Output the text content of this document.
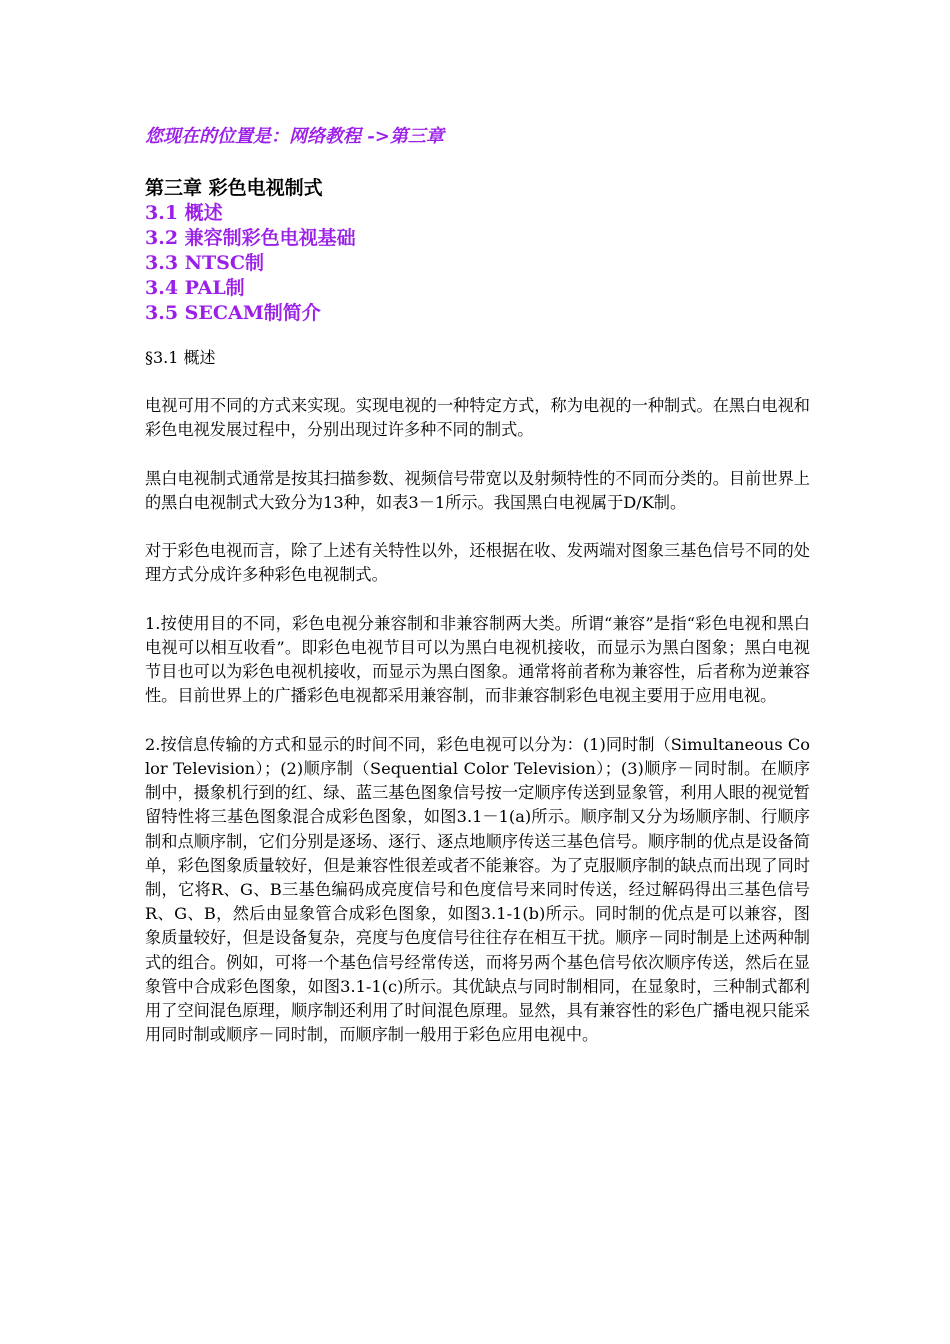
您现在的位置是：网络教程 ->第三章
第三章 彩色电视制式
3.1 概述
3.2 兼容制彩色电视基础
3.3 NTSC制
3.4 PAL制
3.5 SECAM制简介
§3.1 概述

电视可用不同的方式来实现。实现电视的一种特定方式，称为电视的一种制式。在黑白电视和彩色电视发展过程中，分别出现过许多种不同的制式。

黑白电视制式通常是按其扫描参数、视频信号带宽以及射频特性的不同而分类的。目前世界上的黑白电视制式大致分为13种，如表3－1所示。我国黑白电视属于D/K制。

对于彩色电视而言，除了上述有关特性以外，还根据在收、发两端对图象三基色信号不同的处理方式分成许多种彩色电视制式。

1.按使用目的不同，彩色电视分兼容制和非兼容制两大类。所谓“兼容”是指“彩色电视和黑白电视可以相互收看”。即彩色电视节目可以为黑白电视机接收，而显示为黑白图象；黑白电视节目也可以为彩色电视机接收，而显示为黑白图象。通常将前者称为兼容性，后者称为逆兼容性。目前世界上的广播彩色电视都采用兼容制，而非兼容制彩色电视主要用于应用电视。

2.按信息传输的方式和显示的时间不同，彩色电视可以分为：(1)同时制（Simultaneous Color Television）；(2)顺序制（Sequential Color Television）；(3)顺序－同时制。在顺序制中，摄象机行到的红、绿、蓝三基色图象信号按一定顺序传送到显象管，利用人眼的视觉暂留特性将三基色图象混合成彩色图象，如图3.1－1(a)所示。顺序制又分为场顺序制、行顺序制和点顺序制，它们分别是逐场、逐行、逐点地顺序传送三基色信号。顺序制的优点是设备简单，彩色图象质量较好，但是兼容性很差或者不能兼容。为了克服顺序制的缺点而出现了同时制，它将R、G、B三基色编码成亮度信号和色度信号来同时传送，经过解码得出三基色信号R、G、B，然后由显象管合成彩色图象，如图3.1-1(b)所示。同时制的优点是可以兼容，图象质量较好，但是设备复杂，亮度与色度信号往往存在相互干扰。顺序－同时制是上述两种制式的组合。例如，可将一个基色信号经常传送，而将另两个基色信号依次顺序传送，然后在显象管中合成彩色图象，如图3.1-1(c)所示。其优缺点与同时制相同，在显象时，三种制式都利用了空间混色原理，顺序制还利用了时间混色原理。显然，具有兼容性的彩色广播电视只能采用同时制或顺序－同时制，而顺序制一般用于彩色应用电视中。
